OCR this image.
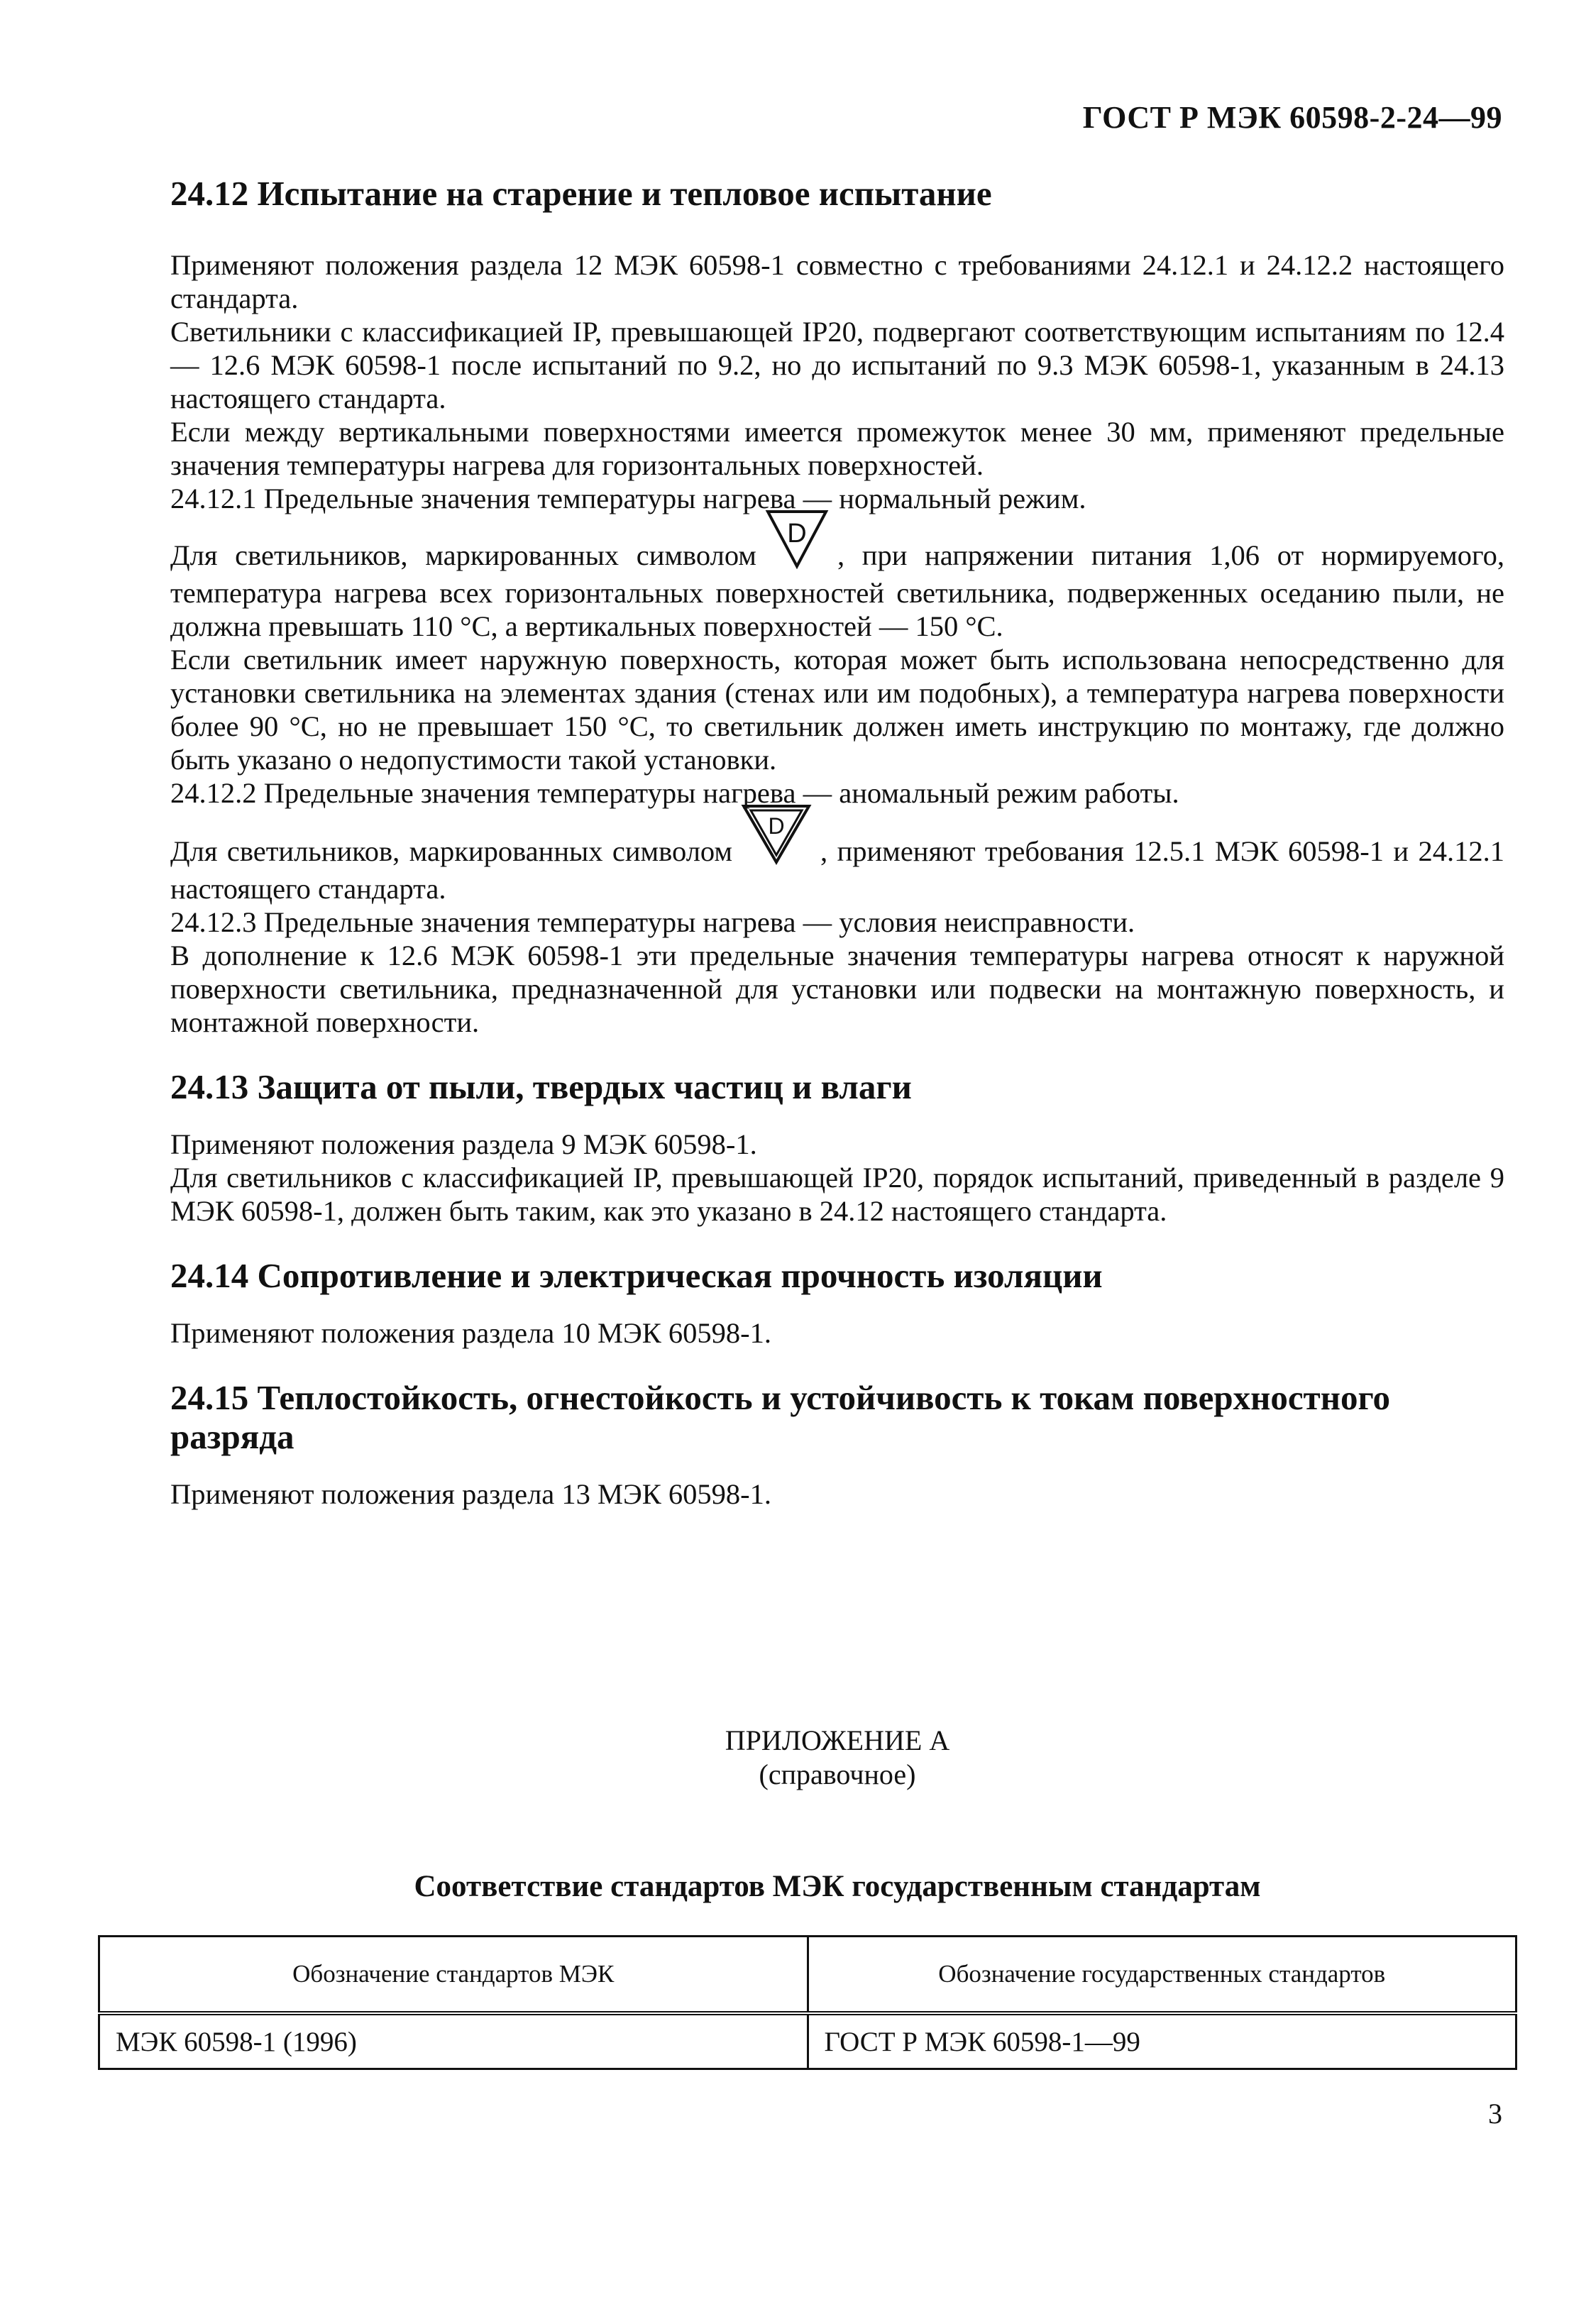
ГОСТ Р МЭК 60598-2-24—99

24.12 Испытание на старение и тепловое испытание

Применяют положения раздела 12 МЭК 60598-1 совместно с требованиями 24.12.1 и 24.12.2 настоящего стандарта.

Светильники с классификацией IP, превышающей IP20, подвергают соответствующим испытаниям по 12.4 — 12.6 МЭК 60598-1 после испытаний по 9.2, но до испытаний по 9.3 МЭК 60598-1, указанным в 24.13 настоящего стандарта.

Если между вертикальными поверхностями имеется промежуток менее 30 мм, применяют предельные значения температуры нагрева для горизонтальных поверхностей.

24.12.1 Предельные значения температуры нагрева — нормальный режим.

Для светильников, маркированных символом
D
, при напряжении питания 1,06 от нормируемого, температура нагрева всех горизонтальных поверхностей светильника, подверженных оседанию пыли, не должна превышать 110 °С, а вертикальных поверхностей — 150 °С.

Если светильник имеет наружную поверхность, которая может быть использована непосредственно для установки светильника на элементах здания (стенах или им подобных), а температура нагрева поверхности более 90 °С, но не превышает 150 °С, то светильник должен иметь инструкцию по монтажу, где должно быть указано о недопустимости такой установки.

24.12.2 Предельные значения температуры нагрева — аномальный режим работы.

Для светильников, маркированных символом
D
, применяют требования 12.5.1 МЭК 60598-1 и 24.12.1 настоящего стандарта.

24.12.3 Предельные значения температуры нагрева — условия неисправности.

В дополнение к 12.6 МЭК 60598-1 эти предельные значения температуры нагрева относят к наружной поверхности светильника, предназначенной для установки или подвески на монтажную поверхность, и монтажной поверхности.

24.13 Защита от пыли, твердых частиц и влаги

Применяют положения раздела 9 МЭК 60598-1.

Для светильников с классификацией IP, превышающей IP20, порядок испытаний, приведенный в разделе 9 МЭК 60598-1, должен быть таким, как это указано в 24.12 настоящего стандарта.

24.14 Сопротивление и электрическая прочность изоляции

Применяют положения раздела 10 МЭК 60598-1.

24.15 Теплостойкость, огнестойкость и устойчивость к токам поверхностного разряда

Применяют положения раздела 13 МЭК 60598-1.

ПРИЛОЖЕНИЕ А
(справочное)

Соответствие стандартов МЭК государственным стандартам

Обозначение стандартов МЭК	Обозначение государственных стандартов
МЭК 60598-1 (1996)	ГОСТ Р МЭК 60598-1—99

3
